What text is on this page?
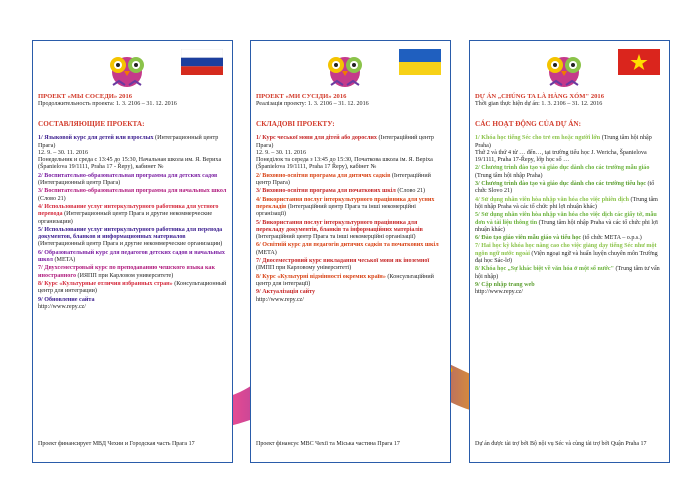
ПРОЕКТ «МЫ СОСЕДИ» 2016
Продолжительность проекта: 1. 3. 2106 – 31. 12. 2016
СОСТАВЛЯЮЩИЕ ПРОЕКТА:
1/ Языковой курс для детей или взрослых (Интеграционный центр Прага)
12. 9. – 30. 11. 2016
Понедельник и среда с 13:45 до 15:30, Начальная школа им. Я. Верихa (Španielova 19/1111, Praha 17 - Řepy), кабинет №
2/ Воспитательно-образовательная программа для детских садов (Интеграционный центр Прага)
3/ Воспитательно-образовательная программа для начальных школ (Слово 21)
4/ Использование услуг интеркультурного работника для устного перевода (Интеграционный центр Прага и другие некоммерческие организации)
5/ Использование услуг интеркультурного работника для перевода документов, бланков и информационных материалов (Интеграционный центр Прага и другие некоммерческие организации)
6/ Образовательный курс для педагогов детских садов и начальных школ (META)
7/ Двухсеместровый курс по преподаванию чешского языка как иностранного (ИЯПП при Карловом университете)
8/ Курс «Культурные отличия избранных стран» (Консультационный центр для интеграции)
9/ Обновление сайта
http://www.repy.cz/
Проект финансирует МВД Чехии и Городская часть Прага 17
ПРОЕКТ «МИ СУСІДИ» 2016
Реалізація проекту: 1. 3. 2106 – 31. 12. 2016
СКЛАДОВІ ПРОЕКТУ:
1/ Курс чеської мови для дітей або дорослих (Інтеграційний центр Прага)
12. 9. – 30. 11. 2016
Понеділок та середа з 13:45 до 15:30, Початкова школа ім. Я. Веріха (Španielova 19/1111, Praha 17 Řepy), кабінет №
2/ Виховно-освітня програма для дитячих садків (Інтеграційний центр Прага)
3/ Виховно-освітня програма для початкових шкіл (Слово 21)
4/ Використання послуг інтеркультурного працівника для усних перекладів (Інтеграційний центр Прага та інші некомерційні організації)
5/ Використання послуг інтеркультурного працівника для перекладу документів, бланків та інформаційних матеріалів (Інтеграційний центр Прага та інші некомерційні організації)
6/ Освітній курс для педагогів дитячих садків та початкових шкіл (META)
7/ Двосеместровий курс викладання чеської мови як іноземної (ІМПП при Карловому університеті)
8/ Курс «Культурні відмінності окремих країн» (Консультаційний центр для інтеграції)
9/ Актуалізація сайту
http://www.repy.cz/
Проект фінансує МВС Чехії та Міська частина Прага 17
DỰ ÁN „CHÚNG TA LÀ HÀNG XÓM" 2016
Thời gian thực hiện dự án: 1. 3. 2106 – 31. 12. 2016
CÁC HOẠT ĐỘNG CỦA DỰ ÁN:
1/ Khóa học tiếng Séc cho trẻ em hoặc người lớn (Trung tâm hội nhập Praha)
Thứ 2 và thứ 4 từ … đến…, tại trường tiểu học J. Wericha, Španielova 19/1111, Praha 17-Řepy, lớp học số …
2/ Chương trình đào tạo và giáo dục dành cho các trường mẫu giáo (Trung tâm hội nhập Praha)
3/ Chương trình đào tạo và giáo dục dành cho các trường tiểu học (tổ chức Slovo 21)
4/ Sử dụng nhân viên hòa nhập văn hóa cho việc phiên dịch (Trung tâm hội nhập Praha và các tổ chức phi lợi nhuận khác)
5/ Sử dụng nhân viên hòa nhập văn hóa cho việc dịch các giấy tờ, mẫu đơn và tài liệu thông tin (Trung tâm hội nhập Praha và các tổ chức phi lợi nhuận khác)
6/ Đào tạo giáo viên mẫu giáo và tiểu học (tổ chức META – o.p.s.)
7/ Hai học kỳ khóa học nâng cao cho việc giảng dạy tiếng Séc như một ngôn ngữ nước ngoài (Viện ngoại ngữ và huấn luyện chuyên môn Trường đại học Sác-lơ)
8/ Khóa học „Sự khác biệt về văn hóa ở một số nước" (Trung tâm tư vấn hội nhập)
9/ Cập nhập trang web
http://www.repy.cz/
Dự án được tài trợ bởi Bộ nội vụ Séc và cùng tài trợ bởi Quận Praha 17
